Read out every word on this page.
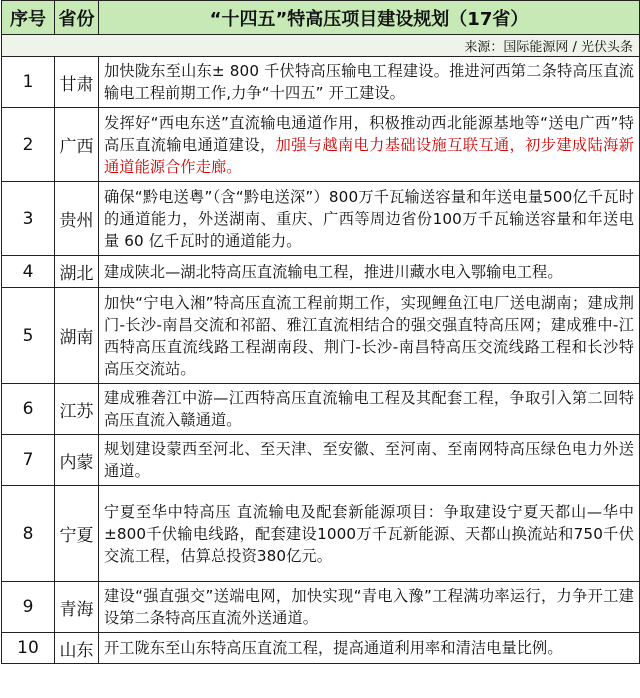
序号	省份	“十四五”特高压项目建设规划（17省）
来源：国际能源网 / 光伏头条		
1	甘肃	加快陇东至山东± 800 千伏特高压输电工程建设。推进河西第二条特高压直流输电工程前期工作,力争“十四五” 开工建设。
2	广西	发挥好“西电东送”直流输电通道作用，积极推动西北能源基地等“送电广西”特高压直流输电通道建设，加强与越南电力基础设施互联互通，初步建成陆海新通道能源合作走廊。
3	贵州	确保“黔电送粤”（含“黔电送深”）800万千瓦输送容量和年送电量500亿千瓦时的通道能力，外送湖南、重庆、广西等周边省份100万千瓦输送容量和年送电量 60 亿千瓦时的通道能力。
4	湖北	建成陕北—湖北特高压直流输电工程，推进川藏水电入鄂输电工程。
5	湖南	加快“宁电入湘”特高压直流工程前期工作，实现鲤鱼江电厂送电湖南；建成荆门-长沙-南昌交流和祁韶、雅江直流相结合的强交强直特高压网；建成雅中-江西特高压直流线路工程湖南段、荆门-长沙-南昌特高压交流线路工程和长沙特高压交流站。
6	江苏	建成雅砻江中游—江西特高压直流输电工程及其配套工程，争取引入第二回特高压直流入赣通道。
7	内蒙	规划建设蒙西至河北、至天津、至安徽、至河南、至南网特高压绿色电力外送通道。
8	宁夏	宁夏至华中特高压 直流输电及配套新能源项目：争取建设宁夏天都山—华中±800千伏输电线路，配套建设1000万千瓦新能源、天都山换流站和750千伏交流工程，估算总投资380亿元。
9	青海	建设“强直强交”送端电网，加快实现“青电入豫”工程满功率运行，力争开工建设第二条特高压直流外送通道。
10	山东	开工陇东至山东特高压直流工程，提高通道利用率和清洁电量比例。
